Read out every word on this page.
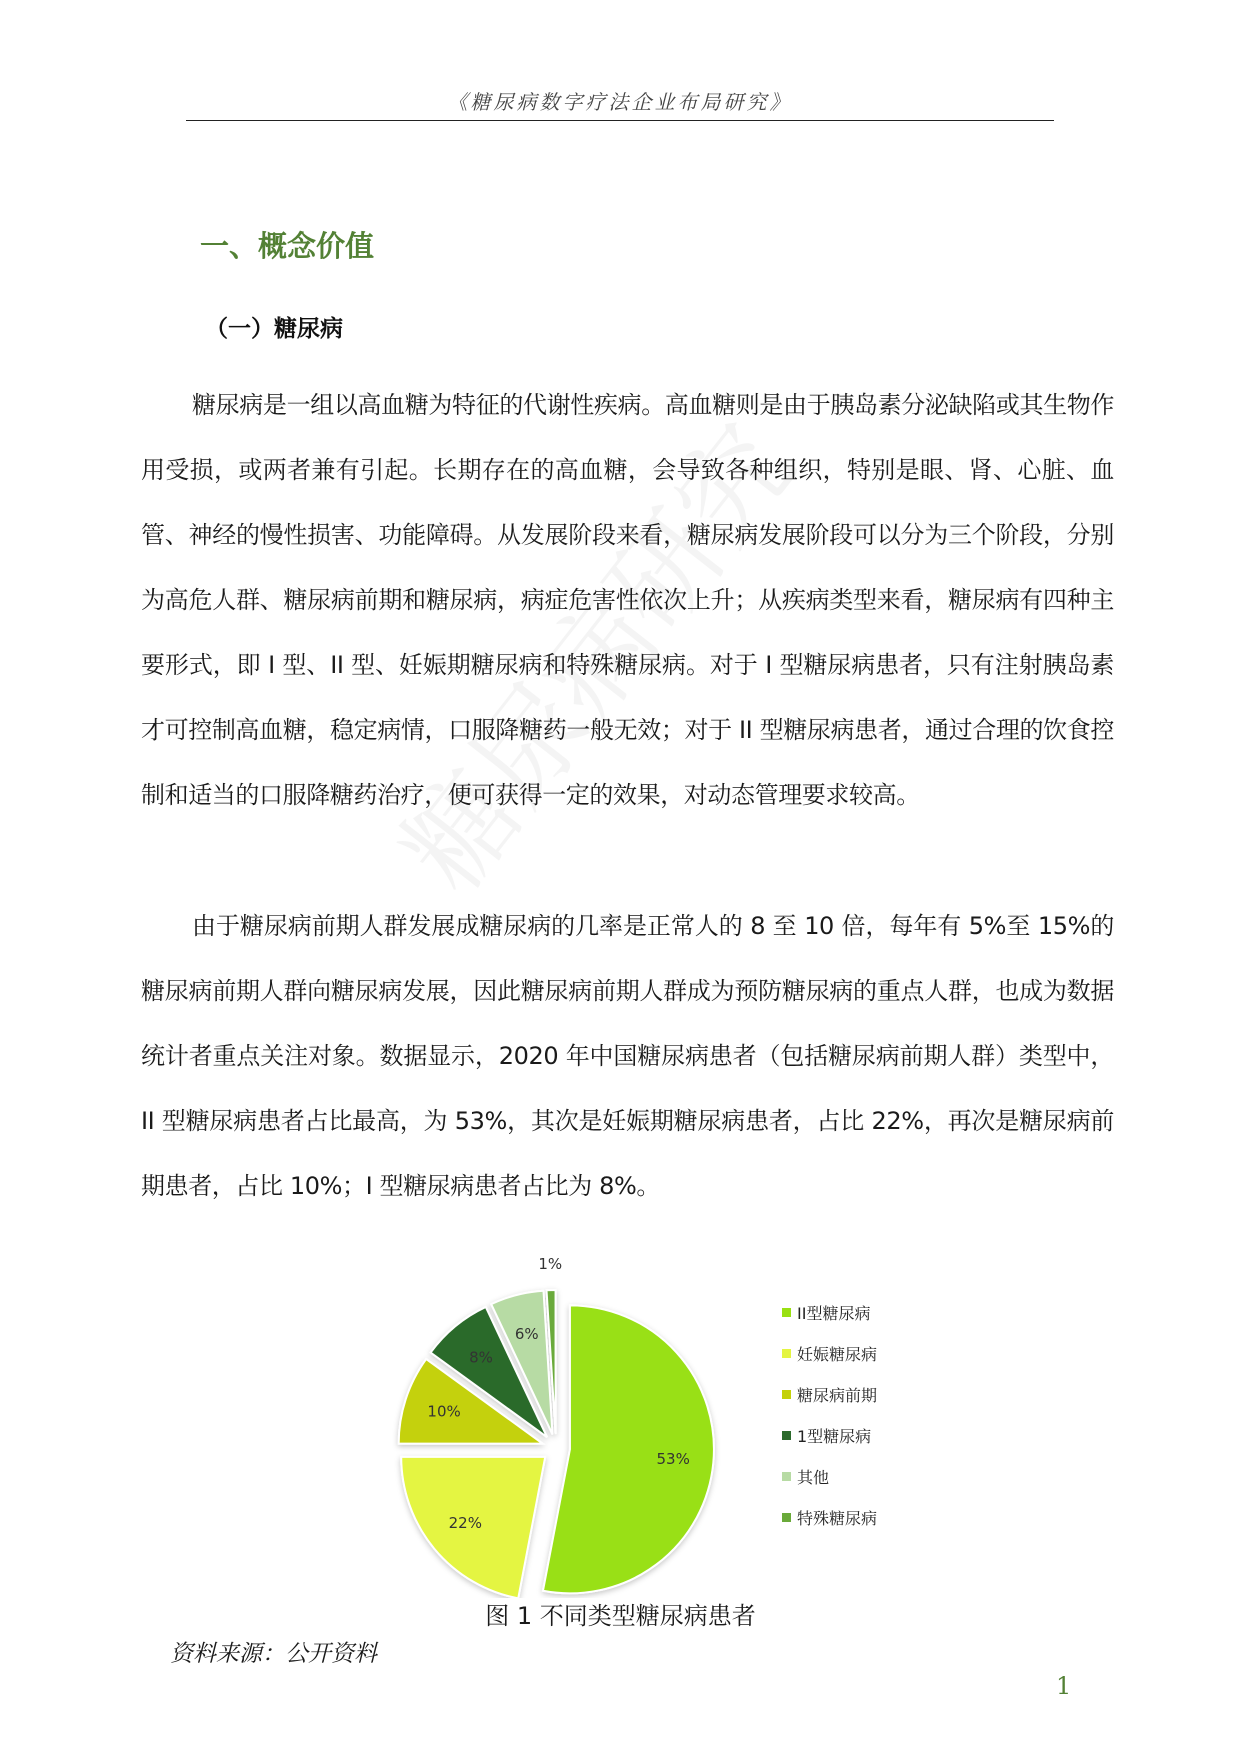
《糖尿病数字疗法企业布局研究》
一、概念价值
（一）糖尿病

糖尿病是一组以高血糖为特征的代谢性疾病。高血糖则是由于胰岛素分泌缺陷或其生物作用受损，或两者兼有引起。长期存在的高血糖，会导致各种组织，特别是眼、肾、心脏、血管、神经的慢性损害、功能障碍。从发展阶段来看，糖尿病发展阶段可以分为三个阶段，分别为高危人群、糖尿病前期和糖尿病，病症危害性依次上升；从疾病类型来看，糖尿病有四种主要形式，即 I 型、II 型、妊娠期糖尿病和特殊糖尿病。对于 I 型糖尿病患者，只有注射胰岛素才可控制高血糖，稳定病情，口服降糖药一般无效；对于 II 型糖尿病患者，通过合理的饮食控制和适当的口服降糖药治疗，便可获得一定的效果，对动态管理要求较高。

由于糖尿病前期人群发展成糖尿病的几率是正常人的 8 至 10 倍，每年有 5%至 15%的糖尿病前期人群向糖尿病发展，因此糖尿病前期人群成为预防糖尿病的重点人群，也成为数据统计者重点关注对象。数据显示，2020 年中国糖尿病患者（包括糖尿病前期人群）类型中，II 型糖尿病患者占比最高，为 53%，其次是妊娠期糖尿病患者，占比 22%，再次是糖尿病前期患者，占比 10%；I 型糖尿病患者占比为 8%。

53%
22%
10%
8%
6%
1%
II型糖尿病
妊娠糖尿病
糖尿病前期
1型糖尿病
其他
特殊糖尿病

图 1 不同类型糖尿病患者

资料来源：公开资料

1
